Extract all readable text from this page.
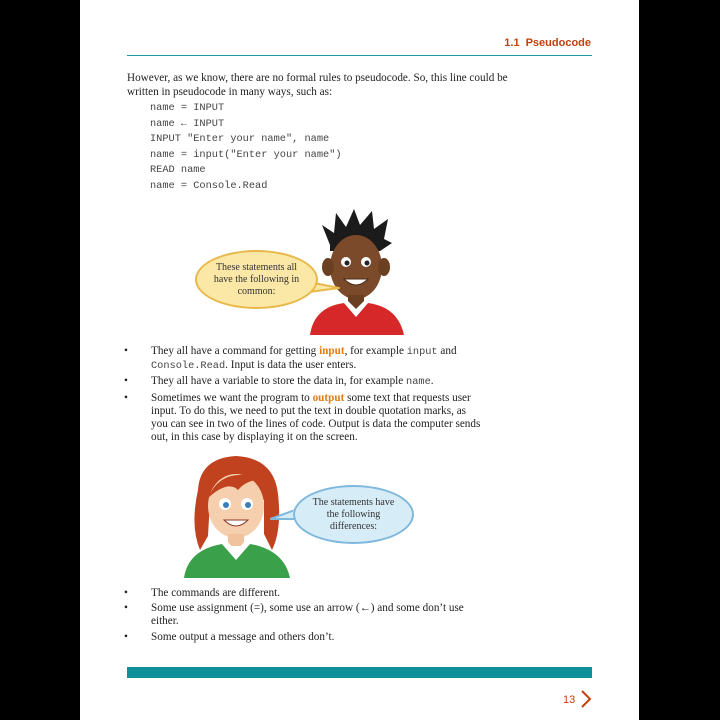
1.1 Pseudocode
However, as we know, there are no formal rules to pseudocode. So, this line could be written in pseudocode in many ways, such as:
name = INPUT
name ← INPUT
INPUT "Enter your name", name
name = input("Enter your name")
READ name
name = Console.Read
These statements all have the following in common:
• They all have a command for getting input, for example input and Console.Read. Input is data the user enters.
• They all have a variable to store the data in, for example name.
• Sometimes we want the program to output some text that requests user input. To do this, we need to put the text in double quotation marks, as you can see in two of the lines of code. Output is data the computer sends out, in this case by displaying it on the screen.
The statements have the following differences:
• The commands are different.
• Some use assignment (=), some use an arrow (←) and some don’t use either.
• Some output a message and others don’t.
13
